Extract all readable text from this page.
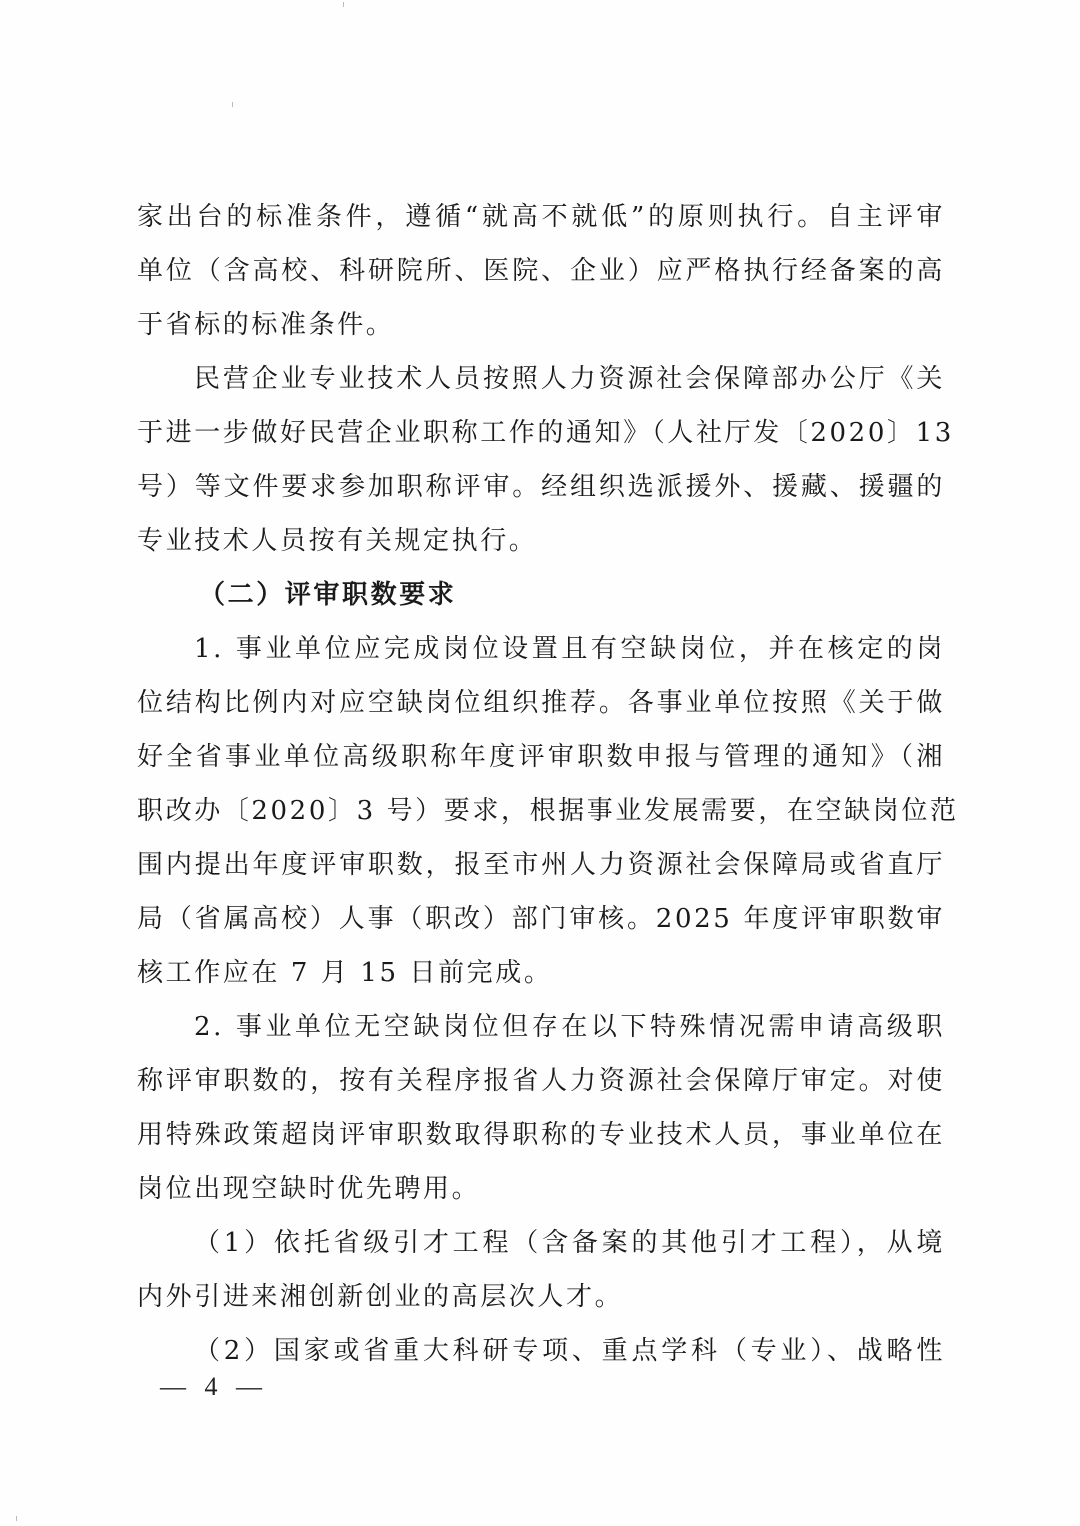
家出台的标准条件，遵循“就高不就低”的原则执行。自主评审
单位（含高校、科研院所、医院、企业）应严格执行经备案的高
于省标的标准条件。
民营企业专业技术人员按照人力资源社会保障部办公厅《关
于进一步做好民营企业职称工作的通知》（人社厅发〔2020〕13
号）等文件要求参加职称评审。经组织选派援外、援藏、援疆的
专业技术人员按有关规定执行。
（二）评审职数要求
1. 事业单位应完成岗位设置且有空缺岗位，并在核定的岗
位结构比例内对应空缺岗位组织推荐。各事业单位按照《关于做
好全省事业单位高级职称年度评审职数申报与管理的通知》（湘
职改办〔2020〕3 号）要求，根据事业发展需要，在空缺岗位范
围内提出年度评审职数，报至市州人力资源社会保障局或省直厅
局（省属高校）人事（职改）部门审核。2025 年度评审职数审
核工作应在 7 月 15 日前完成。
2. 事业单位无空缺岗位但存在以下特殊情况需申请高级职
称评审职数的，按有关程序报省人力资源社会保障厅审定。对使
用特殊政策超岗评审职数取得职称的专业技术人员，事业单位在
岗位出现空缺时优先聘用。
（1）依托省级引才工程（含备案的其他引才工程），从境
内外引进来湘创新创业的高层次人才。
（2）国家或省重大科研专项、重点学科（专业）、战略性
— 4 —
